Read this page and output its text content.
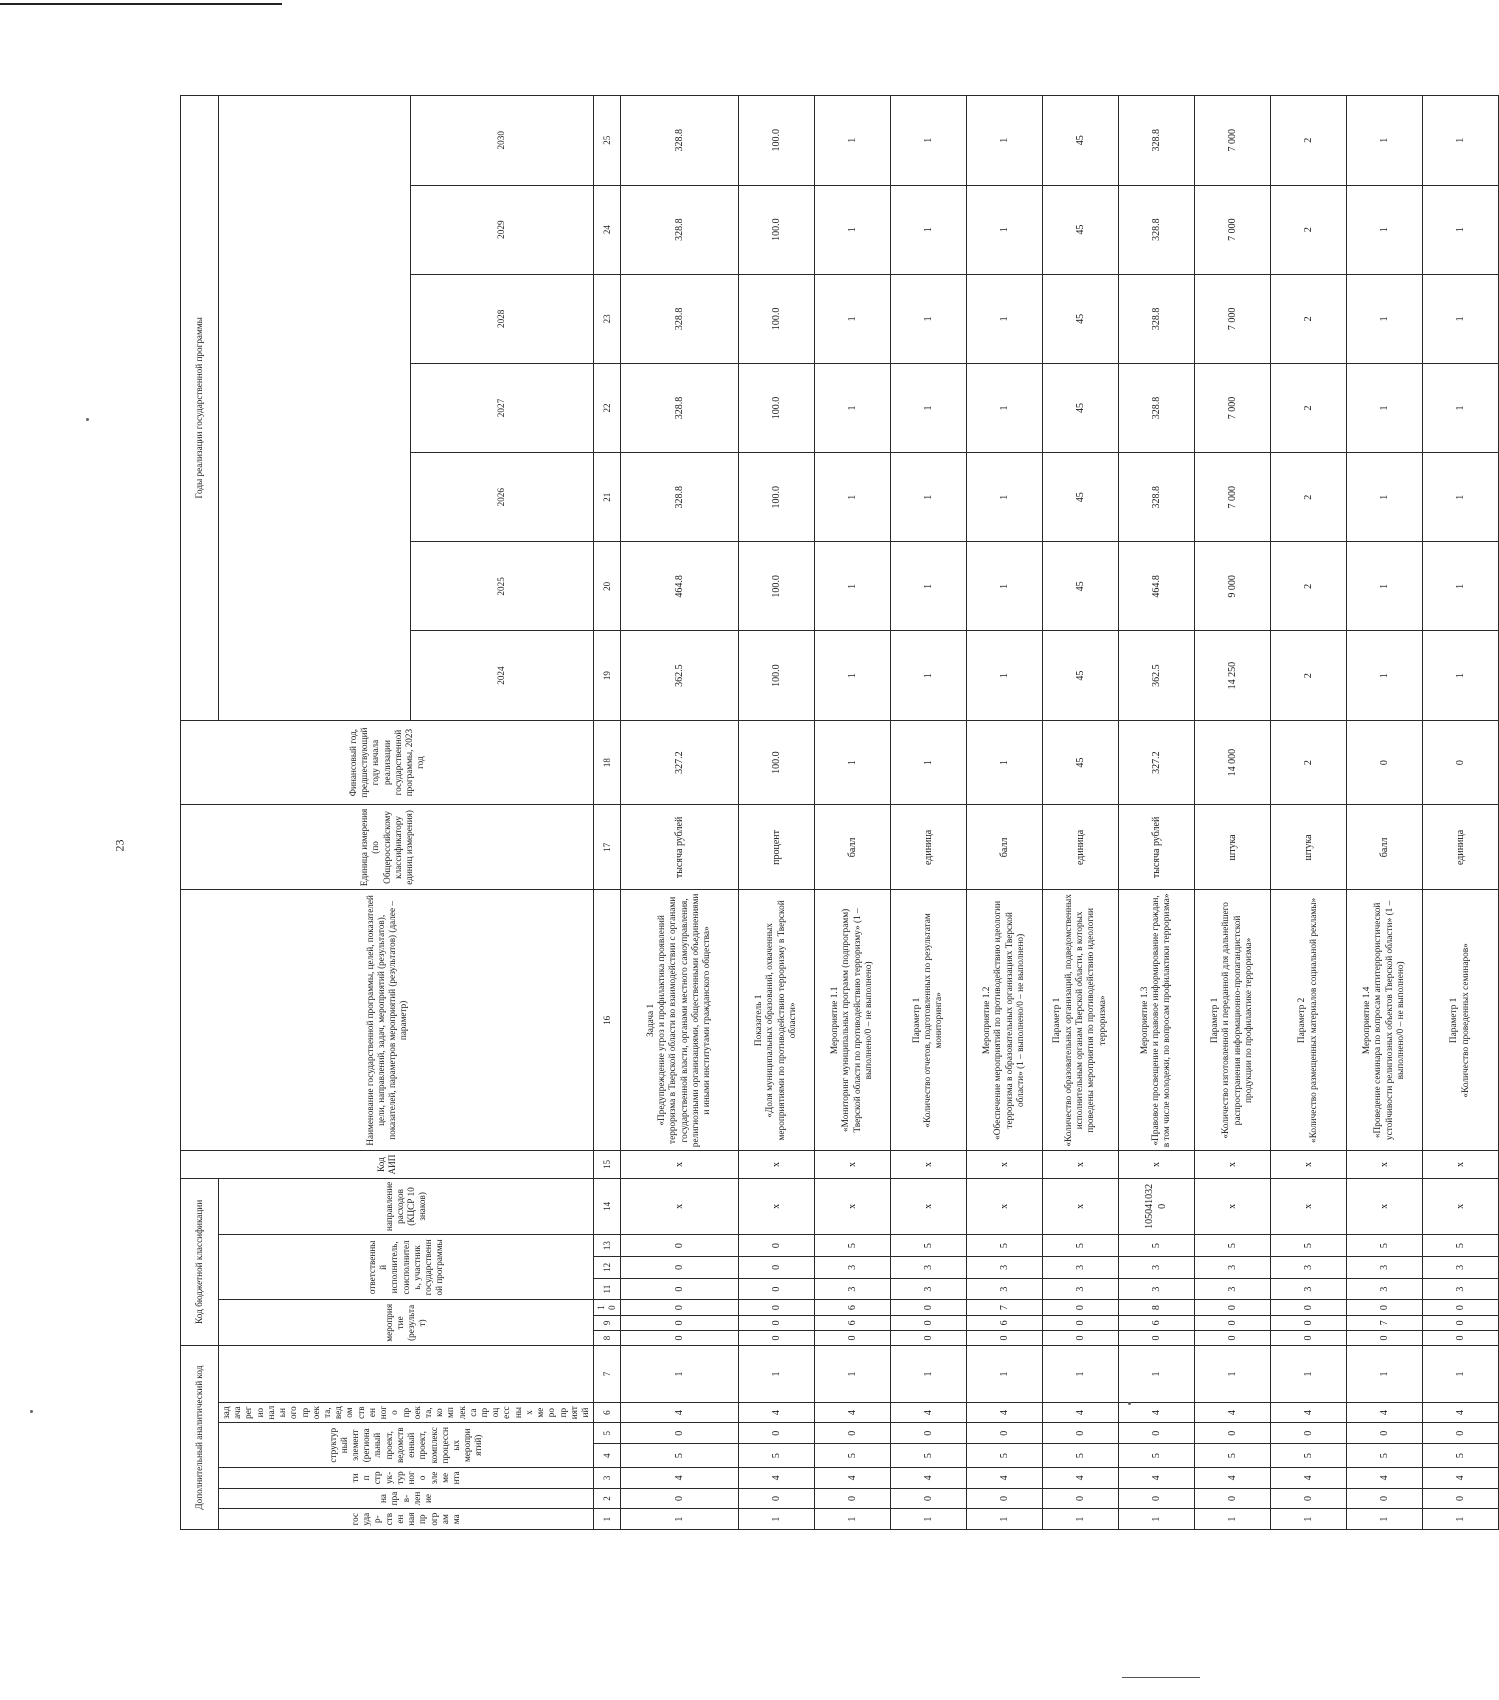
23
Дополнительный аналитический код							Код бюджетной классификации							Код АИП	Наименование государственной программы, целей, показателей цели, направлений, задач, мероприятий (результатов), показателей, параметров мероприятий (результатов) (далее – параметр)	Единица измерения (по Общероссийскому классификатору единиц измерения)	Финансовый год, предшествующий году начала реализации государственной программы, 2023 год	Годы реализации государственной программы						
государ-ственная программа	направ-ление	тип струк-турного элемента	структурный элемент (региональный проект, ведомственный проект, комплекс процессных мероприятий)		задача регионального проекта, ведомственного проекта, комплекса процессных мероприятий		мероприятие (результат)			ответственный исполнитель, соисполнитель, участник государственной программы			направление расходов (КЦСР 10 знаков)											
																		2024	2025	2026	2027	2028	2029	2030
1	2	3	4	5	6	7	8	9	10	11	12	13	14	15	16	17	18	19	20	21	22	23	24	25
1	0	4	5	0	4	1	0	0	0	0	0	0	х	х	Задача 1 «Предупреждение угроз и профилактика проявлений терроризма в Тверской области во взаимодействии с органами государственной власти, органами местного самоуправления, религиозными организациями, общественными объединениями и иными институтами гражданского общества»	тысяча рублей	327.2	362.5	464.8	328.8	328.8	328.8	328.8	328.8
1	0	4	5	0	4	1	0	0	0	0	0	0	х	х	Показатель 1 «Доля муниципальных образований, охваченных мероприятиями по противодействию терроризму в Тверской области»	процент	100.0	100.0	100.0	100.0	100.0	100.0	100.0	100.0
1	0	4	5	0	4	1	0	6	6	3	3	5	х	х	Мероприятие 1.1 «Мониторинг муниципальных программ (подпрограмм) Тверской области по противодействию терроризму» (1 – выполнено/0 – не выполнено)	балл	1	1	1	1	1	1	1	1
1	0	4	5	0	4	1	0	0	0	3	3	5	х	х	Параметр 1 «Количество отчетов, подготовленных по результатам мониторинга»	единица	1	1	1	1	1	1	1	1
1	0	4	5	0	4	1	0	6	7	3	3	5	х	х	Мероприятие 1.2 «Обеспечение мероприятий по противодействию идеологии терроризма в образовательных организациях Тверской области» (1 – выполнено/0 – не выполнено)	балл	1	1	1	1	1	1	1	1
1	0	4	5	0	4	1	0	0	0	3	3	5	х	х	Параметр 1 «Количество образовательных организаций, подведомственных исполнительным органам Тверской области, в которых проведены мероприятия по противодействию идеологии терроризма»	единица	45	45	45	45	45	45	45	45
1	0	4	5	0	4	1	0	6	8	3	3	5	1050410320	х	Мероприятие 1.3 «Правовое просвещение и правовое информирование граждан, в том числе молодежи, по вопросам профилактики терроризма»	тысяча рублей	327.2	362.5	464.8	328.8	328.8	328.8	328.8	328.8
1	0	4	5	0	4	1	0	0	0	3	3	5	х	х	Параметр 1 «Количество изготовленной и переданной для дальнейшего распространения информационно-пропагандистской продукции по профилактике терроризма»	штука	14 000	14 250	9 000	7 000	7 000	7 000	7 000	7 000
1	0	4	5	0	4	1	0	0	0	3	3	5	х	х	Параметр 2 «Количество размещенных материалов социальной рекламы»	штука	2	2	2	2	2	2	2	2
1	0	4	5	0	4	1	0	7	0	3	3	5	х	х	Мероприятие 1.4 «Проведение семинара по вопросам антитеррористической устойчивости религиозных объектов Тверской области» (1 – выполнено/0 – не выполнено)	балл	0	1	1	1	1	1	1	1
1	0	4	5	0	4	1	0	0	0	3	3	5	х	х	Параметр 1 «Количество проведенных семинаров»	единица	0	1	1	1	1	1	1	1
